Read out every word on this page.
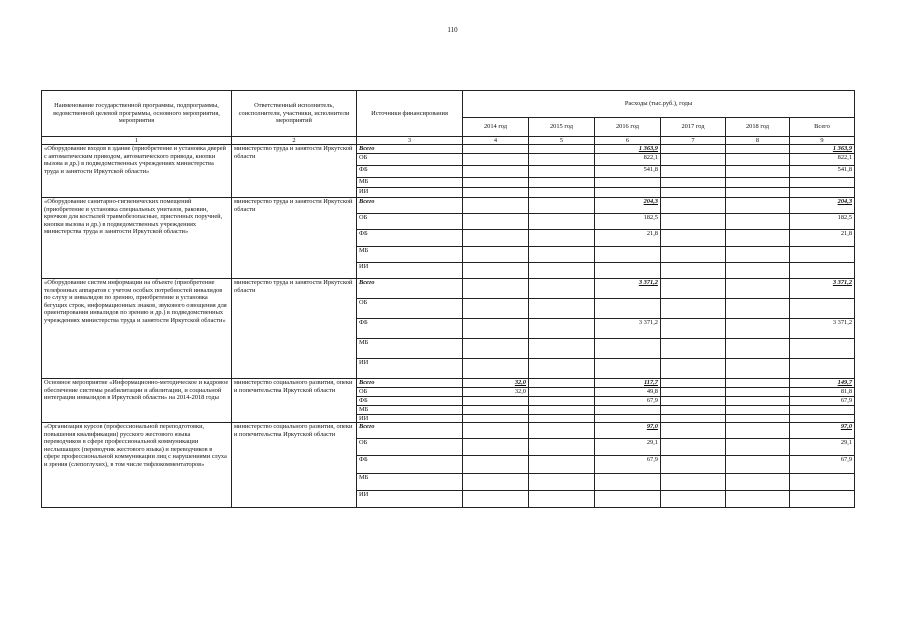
110
Наименование государственной программы, подпрограммы, ведомственной целевой программы, основного мероприятия, мероприятия	Ответственный исполнитель, соисполнители, участники, исполнители мероприятий	Источники финансирования	Расходы (тыс.руб.), годы					
			2014 год	2015 год	2016 год	2017 год	2018 год	Всего
1	2	3	4	5	6	7	8	9
«Оборудование входов в здание (приобретение и установка дверей с автоматическим приводом, автоматического привода, кнопки вызова и др.) в подведомственных учреждениях министерства труда и занятости Иркутской области»	министерство труда и занятости Иркутской области	Всего			1 363,9			1 363,9
		ОБ			822,1			822,1
		ФБ			541,8			541,8
		МБ						
		ИИ						
«Оборудование санитарно-гигиенических помещений (приобретение и установка специальных унитазов, раковин, крючков для костылей травмобезопасные, пристенных поручней, кнопки вызова и др.) в подведомственных учреждениях министерства труда и занятости Иркутской области»	министерство труда и занятости Иркутской области	Всего			204,3			204,3
		ОБ			182,5			182,5
		ФБ			21,8			21,8
		МБ						
		ИИ						
«Оборудование систем информации на объекте (приобретение телефонных аппаратов с учетом особых потребностей инвалидов по слуху и инвалидов по зрению, приобретение и установка бегущих строк, информационных знаков, звукового озвощения для ориентирования инвалидов по зрению и др.) в подведомственных учреждениях министерства труда и занятости Иркутской области»	министерство труда и занятости Иркутской области	Всего			3 371,2			3 371,2
		ОБ						
		ФБ			3 371,2			3 371,2
		МБ						
		ИИ						
Основное мероприятие «Информационно-методическое и кадровое обеспечение системы реабилитации и абилитации, и социальной интеграции инвалидов в Иркутской области» на 2014-2018 годы	министерство социального развития, опеки и попечительства Иркутской области	Всего	32,0		117,7			149,7
		ОБ	32,0		49,8			81,8
		ФБ			67,9			67,9
		МБ						
		ИИ						
«Организация курсов (профессиональной переподготовки, повышения квалификации) русского жестового языка переводчиков в сфере профессиональной коммуникации неслышащих (переводчик жестового языка) и переводчиков в сфере профессиональной коммуникации лиц с нарушениями слуха и зрения (слепоглухих), в том числе тифлокомментаторов»	министерство социального развития, опеки и попечительства Иркутской области	Всего			97,0			97,0
		ОБ			29,1			29,1
		ФБ			67,9			67,9
		МБ						
		ИИ						
